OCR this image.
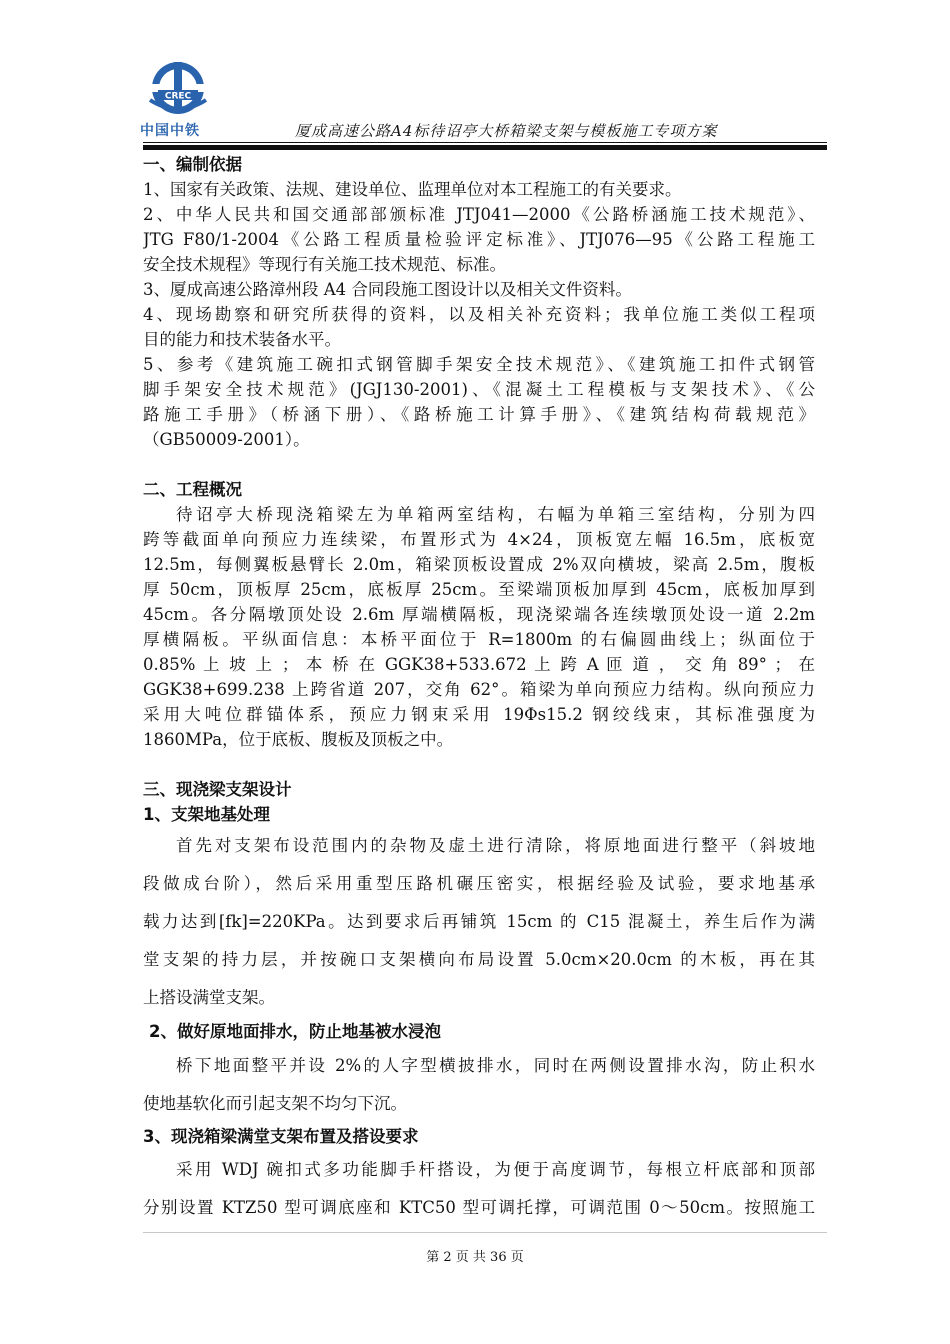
CREC
中国中铁	厦成高速公路A4标待诏亭大桥箱梁支架与模板施工专项方案
一、编制依据
1、国家有关政策、法规、建设单位、监理单位对本工程施工的有关要求。
2、中华人民共和国交通部部颁标准 JTJ041—2000《公路桥涵施工技术规范》、
JTG F80/1-2004《公路工程质量检验评定标准》、JTJ076—95《公路工程施工
安全技术规程》等现行有关施工技术规范、标准。
3、厦成高速公路漳州段 A4 合同段施工图设计以及相关文件资料。
4、现场勘察和研究所获得的资料，以及相关补充资料；我单位施工类似工程项
目的能力和技术装备水平。
5、参考《建筑施工碗扣式钢管脚手架安全技术规范》、《建筑施工扣件式钢管
脚手架安全技术规范》(JGJ130-2001)、《混凝土工程模板与支架技术》、《公
路施工手册》（桥涵下册）、《路桥施工计算手册》、《建筑结构荷载规范》
（GB50009-2001）。
二、工程概况
待诏亭大桥现浇箱梁左为单箱两室结构，右幅为单箱三室结构，分别为四
跨等截面单向预应力连续梁，布置形式为 4×24，顶板宽左幅 16.5m，底板宽
12.5m，每侧翼板悬臂长 2.0m，箱梁顶板设置成 2%双向横坡，梁高 2.5m，腹板
厚 50cm，顶板厚 25cm，底板厚 25cm。至梁端顶板加厚到 45cm，底板加厚到
45cm。各分隔墩顶处设 2.6m 厚端横隔板，现浇梁端各连续墩顶处设一道 2.2m
厚横隔板。平纵面信息：本桥平面位于 R=1800m 的右偏圆曲线上；纵面位于
0.85% 上 坡 上 ； 本 桥 在 GGK38+533.672 上 跨 A 匝 道 ， 交 角 89° ； 在
GGK38+699.238 上跨省道 207，交角 62°。箱梁为单向预应力结构。纵向预应力
采用大吨位群锚体系，预应力钢束采用 19Φs15.2 钢绞线束，其标准强度为
1860MPa，位于底板、腹板及顶板之中。
三、现浇梁支架设计
1、支架地基处理
首先对支架布设范围内的杂物及虚土进行清除，将原地面进行整平（斜坡地
段做成台阶），然后采用重型压路机碾压密实，根据经验及试验，要求地基承
载力达到[fk]=220KPa。达到要求后再铺筑 15cm 的 C15 混凝土，养生后作为满
堂支架的持力层，并按碗口支架横向布局设置 5.0cm×20.0cm 的木板，再在其
上搭设满堂支架。
2、做好原地面排水，防止地基被水浸泡
桥下地面整平并设 2%的人字型横披排水，同时在两侧设置排水沟，防止积水
使地基软化而引起支架不均匀下沉。
3、现浇箱梁满堂支架布置及搭设要求
采用 WDJ 碗扣式多功能脚手杆搭设，为便于高度调节，每根立杆底部和顶部
分别设置 KTZ50 型可调底座和 KTC50 型可调托撑，可调范围 0～50cm。按照施工
第 2 页 共 36 页
